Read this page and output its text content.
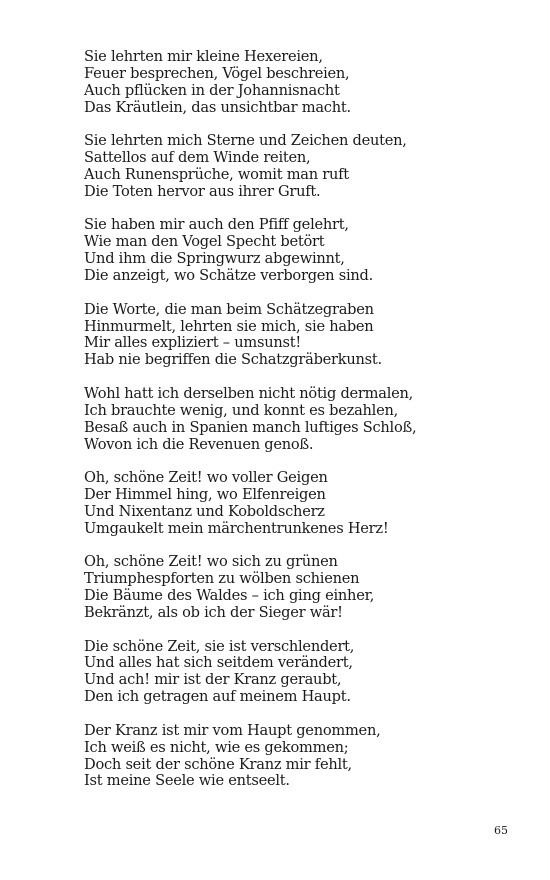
Sie lehrten mir kleine Hexereien,
Feuer besprechen, Vögel beschreien,
Auch pflücken in der Johannisnacht
Das Kräutlein, das unsichtbar macht.
Sie lehrten mich Sterne und Zeichen deuten,
Sattellos auf dem Winde reiten,
Auch Runensprüche, womit man ruft
Die Toten hervor aus ihrer Gruft.
Sie haben mir auch den Pfiff gelehrt,
Wie man den Vogel Specht betört
Und ihm die Springwurz abgewinnt,
Die anzeigt, wo Schätze verborgen sind.
Die Worte, die man beim Schätzegraben
Hinmurmelt, lehrten sie mich, sie haben
Mir alles expliziert – umsunst!
Hab nie begriffen die Schatzgräberkunst.
Wohl hatt ich derselben nicht nötig dermalen,
Ich brauchte wenig, und konnt es bezahlen,
Besaß auch in Spanien manch luftiges Schloß,
Wovon ich die Revenuen genoß.
Oh, schöne Zeit! wo voller Geigen
Der Himmel hing, wo Elfenreigen
Und Nixentanz und Koboldscherz
Umgaukelt mein märchentrunkenes Herz!
Oh, schöne Zeit! wo sich zu grünen
Triumphespforten zu wölben schienen
Die Bäume des Waldes – ich ging einher,
Bekränzt, als ob ich der Sieger wär!
Die schöne Zeit, sie ist verschlendert,
Und alles hat sich seitdem verändert,
Und ach! mir ist der Kranz geraubt,
Den ich getragen auf meinem Haupt.
Der Kranz ist mir vom Haupt genommen,
Ich weiß es nicht, wie es gekommen;
Doch seit der schöne Kranz mir fehlt,
Ist meine Seele wie entseelt.
65
